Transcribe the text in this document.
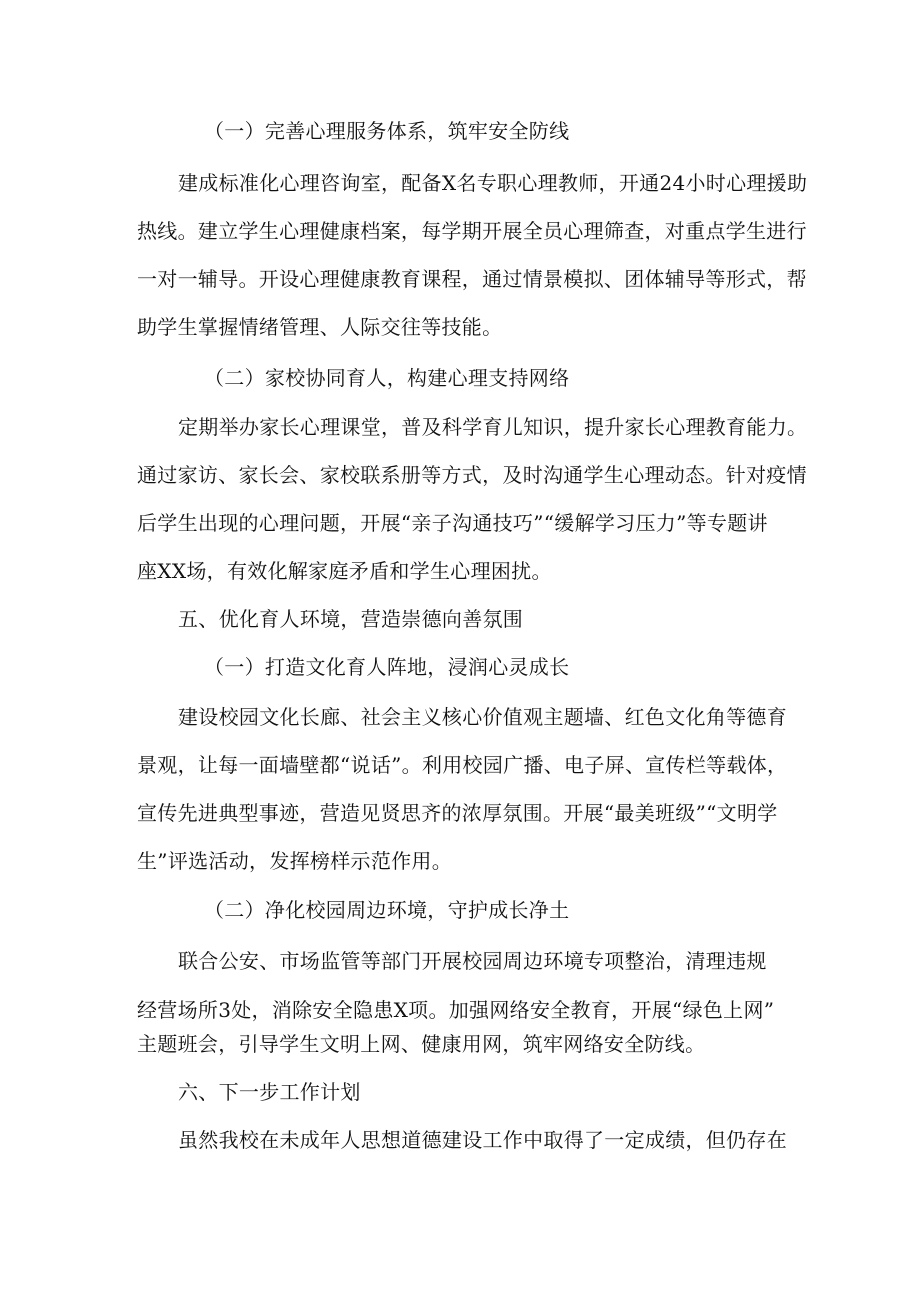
（一）完善心理服务体系，筑牢安全防线
建成标准化心理咨询室，配备X名专职心理教师，开通24小时心理援助
热线。建立学生心理健康档案，每学期开展全员心理筛查，对重点学生进行
一对一辅导。开设心理健康教育课程，通过情景模拟、团体辅导等形式，帮
助学生掌握情绪管理、人际交往等技能。
（二）家校协同育人，构建心理支持网络
定期举办家长心理课堂，普及科学育儿知识，提升家长心理教育能力。
通过家访、家长会、家校联系册等方式，及时沟通学生心理动态。针对疫情
后学生出现的心理问题，开展“亲子沟通技巧”“缓解学习压力”等专题讲
座XX场，有效化解家庭矛盾和学生心理困扰。
五、优化育人环境，营造崇德向善氛围
（一）打造文化育人阵地，浸润心灵成长
建设校园文化长廊、社会主义核心价值观主题墙、红色文化角等德育
景观，让每一面墙壁都“说话”。利用校园广播、电子屏、宣传栏等载体，
宣传先进典型事迹，营造见贤思齐的浓厚氛围。开展“最美班级”“文明学
生”评选活动，发挥榜样示范作用。
（二）净化校园周边环境，守护成长净土
联合公安、市场监管等部门开展校园周边环境专项整治，清理违规
经营场所3处，消除安全隐患X项。加强网络安全教育，开展“绿色上网”
主题班会，引导学生文明上网、健康用网，筑牢网络安全防线。
六、下一步工作计划
虽然我校在未成年人思想道德建设工作中取得了一定成绩，但仍存在
